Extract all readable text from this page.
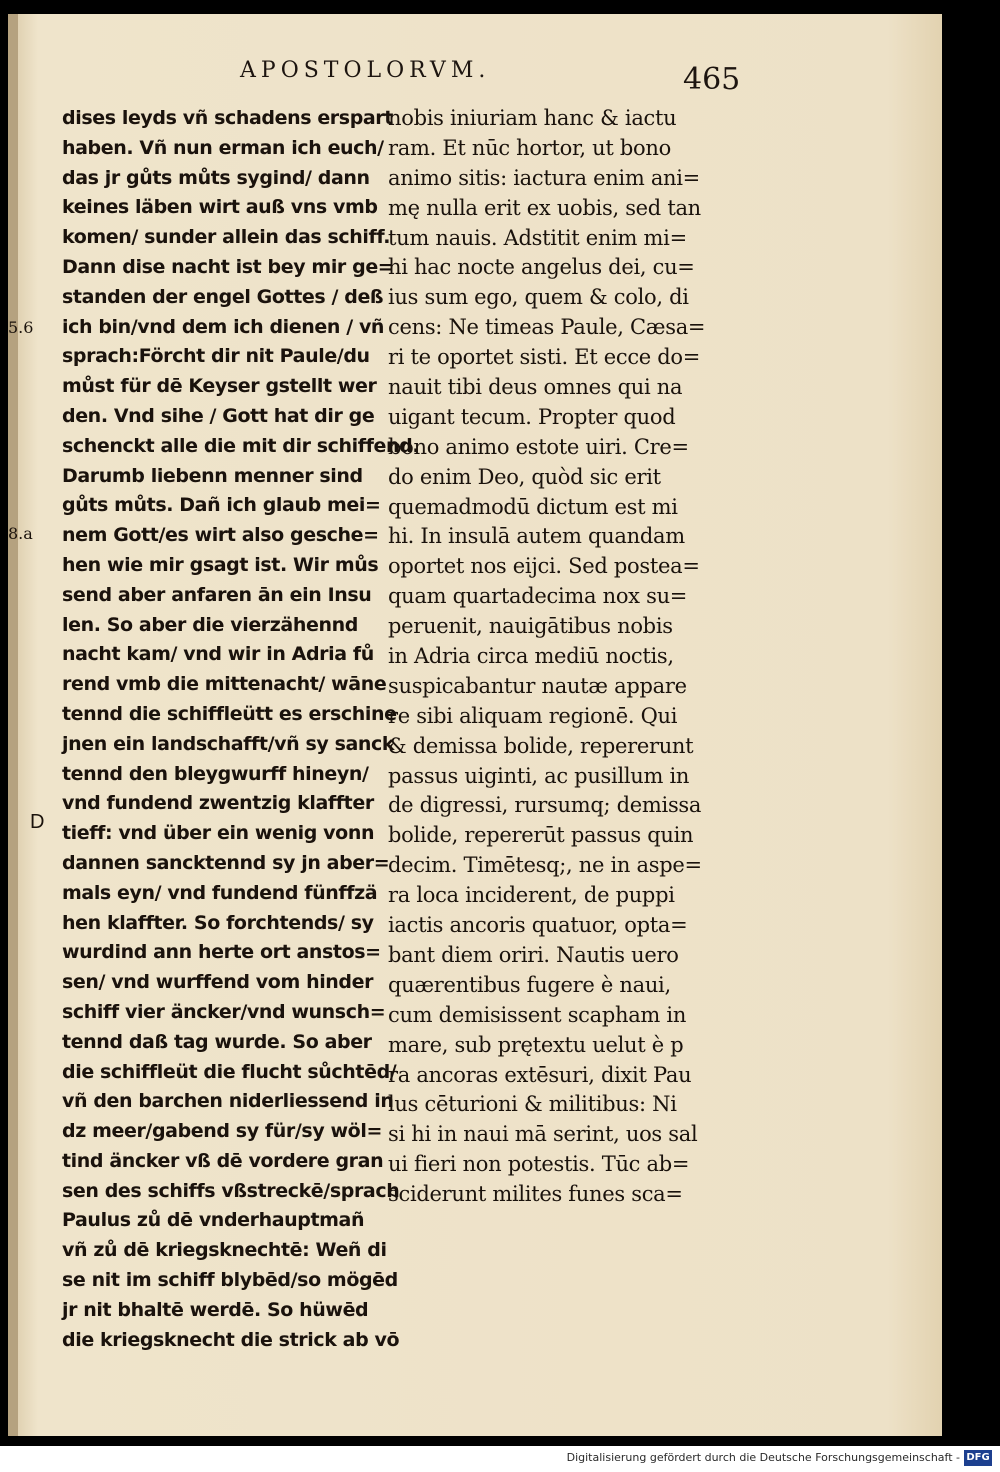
APOSTOLORVM.	465
5.6
8.a
D
dises leyds vñ schadens erspart
haben. Vñ nun erman ich euch/
das jr gůts můts sygind/ dann
keines läben wirt auß vns vmb
komen/ sunder allein das schiff.
Dann dise nacht ist bey mir ge=
standen der engel Gottes / deß
ich bin/vnd dem ich dienen / vñ
sprach:Förcht dir nit Paule/du
můst für dē Keyser gstellt wer
den. Vnd sihe / Gott hat dir ge
schenckt alle die mit dir schiffend.
Darumb liebenn menner sind
gůts můts. Dañ ich glaub mei=
nem Gott/es wirt also gesche=
hen wie mir gsagt ist. Wir můs
send aber anfaren ān ein Insu
len. So aber die vierzähennd
nacht kam/ vnd wir in Adria fů
rend vmb die mittenacht/ wāne
tennd die schiffleütt es erschine
jnen ein landschafft/vñ sy sanck
tennd den bleygwurff hineyn/
vnd fundend zwentzig klaffter
tieff: vnd über ein wenig vonn
dannen sancktennd sy jn aber=
mals eyn/ vnd fundend fünffzä
hen klaffter. So forchtends/ sy
wurdind ann herte ort anstos=
sen/ vnd wurffend vom hinder
schiff vier äncker/vnd wunsch=
tennd daß tag wurde. So aber
die schiffleüt die flucht sůchtēd/
vñ den barchen niderliessend in
dz meer/gabend sy für/sy wöl=
tind äncker vß dē vordere gran
sen des schiffs vßstreckē/sprach
Paulus zů dē vnderhauptmañ
vñ zů dē kriegsknechtē: Weñ di
se nit im schiff blybēd/so mögēd
jr nit bhaltē werdē. So hüwēd
die kriegsknecht die strick ab vō
nobis iniuriam hanc & iactu
ram. Et nūc hortor, ut bono
animo sitis: iactura enim ani=
mę nulla erit ex uobis, sed tan
tum nauis. Adstitit enim mi=
hi hac nocte angelus dei, cu=
ius sum ego, quem & colo, di
cens: Ne timeas Paule, Cæsa=
ri te oportet sisti. Et ecce do=
nauit tibi deus omnes qui na
uigant tecum. Propter quod
bono animo estote uiri. Cre=
do enim Deo, quòd sic erit
quemadmodū dictum est mi
hi. In insulā autem quandam
oportet nos eijci. Sed postea=
quam quartadecima nox su=
peruenit, nauigātibus nobis
in Adria circa mediū noctis,
suspicabantur nautæ appare
re sibi aliquam regionē. Qui
& demissa bolide, repererunt
passus uiginti, ac pusillum in
de digressi, rursumq; demissa
bolide, repererūt passus quin
decim. Timētesq;, ne in aspe=
ra loca inciderent, de puppi
iactis ancoris quatuor, opta=
bant diem oriri. Nautis uero
quærentibus fugere è naui,
cum demisissent scapham in
mare, sub prętextu uelut è p
ra ancoras extēsuri, dixit Pau
lus cēturioni & militibus: Ni
si hi in naui mā serint, uos sal
ui fieri non potestis. Tūc ab=
sciderunt milites funes sca=
Digitalisierung gefördert durch die Deutsche Forschungsgemeinschaft - DFG
